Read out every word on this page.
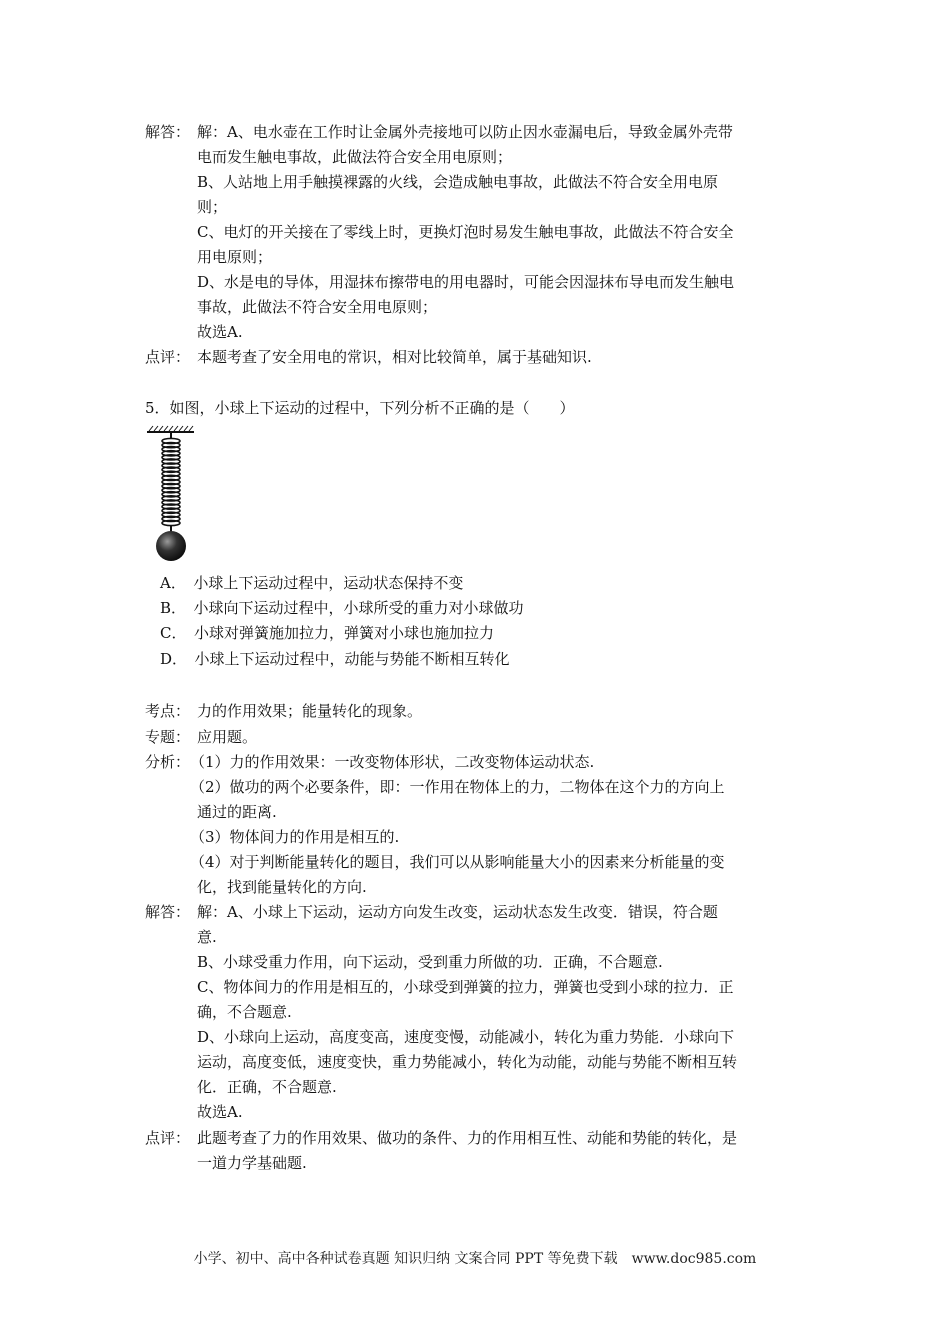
解答： 解：A、电水壶在工作时让金属外壳接地可以防止因水壶漏电后，导致金属外壳带
电而发生触电事故，此做法符合安全用电原则；
B、人站地上用手触摸裸露的火线，会造成触电事故，此做法不符合安全用电原
则；
C、电灯的开关接在了零线上时，更换灯泡时易发生触电事故，此做法不符合安全
用电原则；
D、水是电的导体，用湿抹布擦带电的用电器时，可能会因湿抹布导电而发生触电
事故，此做法不符合安全用电原则；
故选A.
点评： 本题考查了安全用电的常识，相对比较简单，属于基础知识.
5．如图，小球上下运动的过程中，下列分析不正确的是（　　）
A．　小球上下运动过程中，运动状态保持不变
B．　小球向下运动过程中，小球所受的重力对小球做功
C．　小球对弹簧施加拉力，弹簧对小球也施加拉力
D．　小球上下运动过程中，动能与势能不断相互转化
考点： 力的作用效果；能量转化的现象。
专题： 应用题。
分析： （1）力的作用效果：一改变物体形状，二改变物体运动状态.
（2）做功的两个必要条件，即：一作用在物体上的力，二物体在这个力的方向上
通过的距离.
（3）物体间力的作用是相互的.
（4）对于判断能量转化的题目，我们可以从影响能量大小的因素来分析能量的变
化，找到能量转化的方向.
解答： 解：A、小球上下运动，运动方向发生改变，运动状态发生改变．错误，符合题
意.
B、小球受重力作用，向下运动，受到重力所做的功．正确，不合题意.
C、物体间力的作用是相互的，小球受到弹簧的拉力，弹簧也受到小球的拉力．正
确，不合题意.
D、小球向上运动，高度变高，速度变慢，动能减小，转化为重力势能．小球向下
运动，高度变低，速度变快，重力势能减小，转化为动能，动能与势能不断相互转
化．正确，不合题意.
故选A.
点评： 此题考查了力的作用效果、做功的条件、力的作用相互性、动能和势能的转化，是
一道力学基础题.
小学、初中、高中各种试卷真题 知识归纳 文案合同 PPT 等免费下载　www.doc985.com
